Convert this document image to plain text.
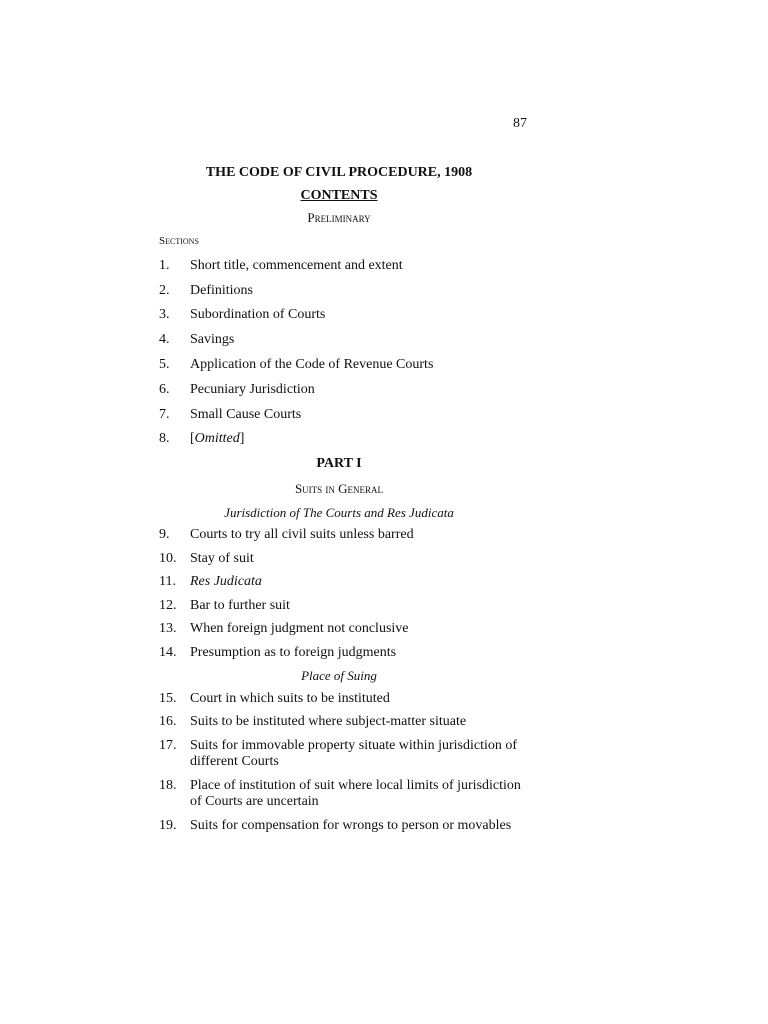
87
THE CODE OF CIVIL PROCEDURE, 1908
CONTENTS
Preliminary
Sections
1. Short title, commencement and extent
2. Definitions
3. Subordination of Courts
4. Savings
5. Application of the Code of Revenue Courts
6. Pecuniary Jurisdiction
7. Small Cause Courts
8. [Omitted]
PART I
Suits in General
Jurisdiction of The Courts and Res Judicata
9. Courts to try all civil suits unless barred
10. Stay of suit
11. Res Judicata
12. Bar to further suit
13. When foreign judgment not conclusive
14. Presumption as to foreign judgments
Place of Suing
15. Court in which suits to be instituted
16. Suits to be instituted where subject-matter situate
17. Suits for immovable property situate within jurisdiction of different Courts
18. Place of institution of suit where local limits of jurisdiction of Courts are uncertain
19. Suits for compensation for wrongs to person or movables
